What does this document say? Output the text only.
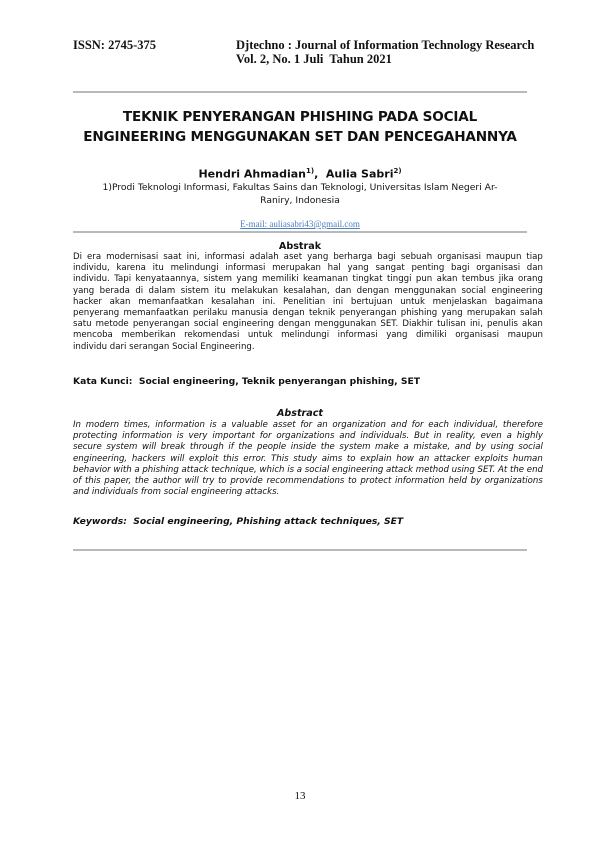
ISSN: 2745-375	Djtechno : Journal of Information Technology Research
Vol. 2, No. 1 Juli  Tahun 2021
TEKNIK PENYERANGAN PHISHING PADA SOCIAL
ENGINEERING MENGGUNAKAN SET DAN PENCEGAHANNYA
Hendri Ahmadian$^{1)}$,  Aulia Sabri$^{2)}$
1)Prodi Teknologi Informasi, Fakultas Sains dan Teknologi, Universitas Islam Negeri Ar-
Raniry, Indonesia
E-mail: auliasabri43@gmail.com
Abstrak
Di era modernisasi saat ini, informasi adalah aset yang berharga bagi sebuah organisasi maupun tiap
individu, karena itu melindungi informasi merupakan hal yang sangat penting bagi organisasi dan
individu. Tapi kenyataannya, sistem yang memiliki keamanan tingkat tinggi pun akan tembus jika orang
yang berada di dalam sistem itu melakukan kesalahan, dan dengan menggunakan social engineering
hacker akan memanfaatkan kesalahan ini. Penelitian ini bertujuan untuk menjelaskan bagaimana
penyerang memanfaatkan perilaku manusia dengan teknik penyerangan phishing yang merupakan salah
satu metode penyerangan social engineering dengan menggunakan SET. Diakhir tulisan ini, penulis akan
mencoba memberikan rekomendasi untuk melindungi informasi yang dimiliki organisasi maupun
individu dari serangan Social Engineering.
Kata Kunci: Social engineering, Teknik penyerangan phishing, SET
Abstract
In modern times, information is a valuable asset for an organization and for each individual, therefore
protecting information is very important for organizations and individuals. But in reality, even a highly
secure system will break through if the people inside the system make a mistake, and by using social
engineering, hackers will exploit this error. This study aims to explain how an attacker exploits human
behavior with a phishing attack technique, which is a social engineering attack method using SET. At the end
of this paper, the author will try to provide recommendations to protect information held by organizations
and individuals from social engineering attacks.
Keywords: Social engineering, Phishing attack techniques, SET
13
